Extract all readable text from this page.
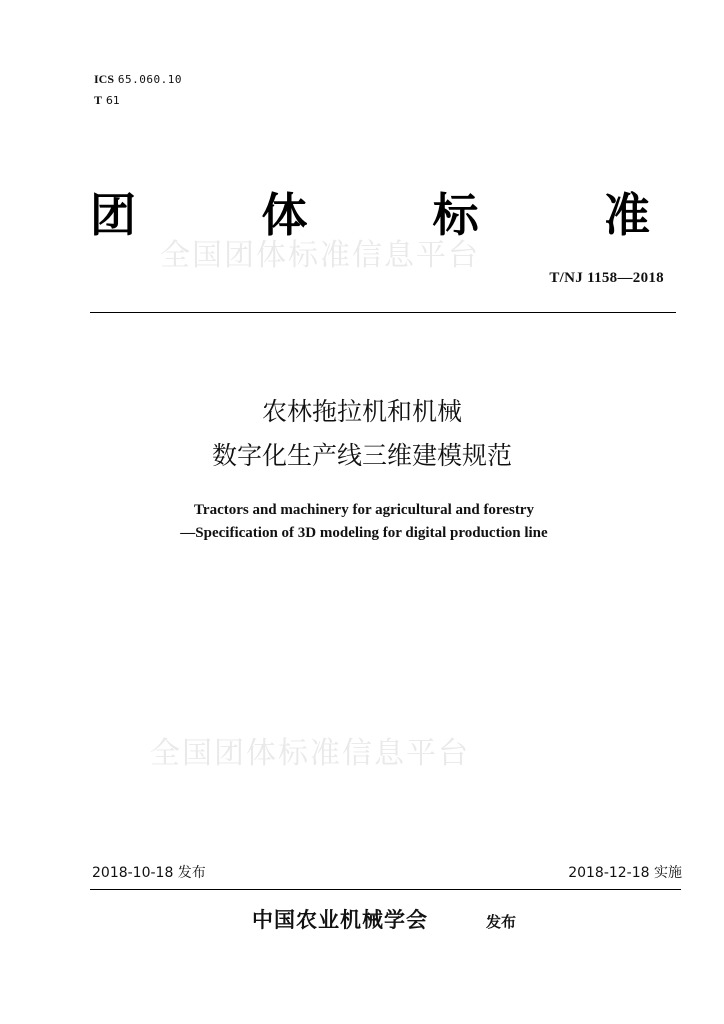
ICS 65.060.10
T 61
全国团体标准信息平台
团	体	标	准
T/NJ 1158—2018
农林拖拉机和机械
数字化生产线三维建模规范
Tractors and machinery for agricultural and forestry
—Specification of 3D modeling for digital production line
全国团体标准信息平台
2018-10-18 发布	2018-12-18 实施
中国农业机械学会	发布
